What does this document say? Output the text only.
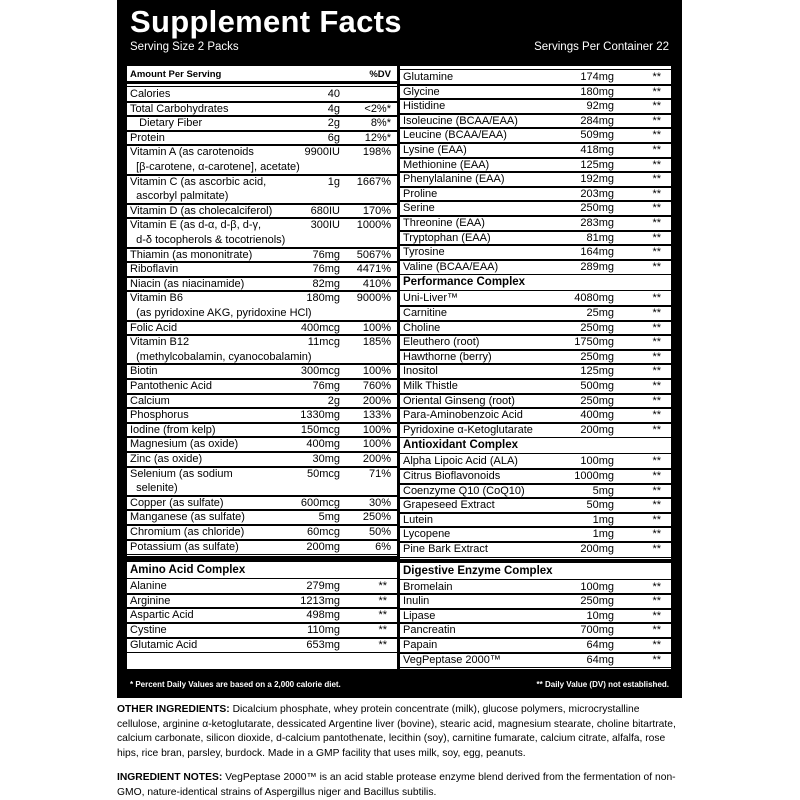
Supplement Facts
Serving Size 2 Packs	Servings Per Container 22
Amount Per Serving	%DV
Calories	40
Total Carbohydrates	4g <2%*
Dietary Fiber	2g	8%*
Protein	6g 12%*
Vitamin A (as carotenoids
[β-carotene, α-carotene], acetate)
9900IU 198%
Vitamin C (as ascorbic acid,
ascorbyl palmitate)
1g 1667%
Vitamin D (as cholecalciferol)	680IU 170%
Vitamin E (as d-α, d-β, d-γ,
d-δ tocopherols & tocotrienols)
300IU 1000%
Thiamin (as mononitrate)	76mg 5067%
Riboflavin	76mg 4471%
Niacin (as niacinamide)	82mg 410%
Vitamin B6
(as pyridoxine AKG, pyridoxine HCl)
180mg 9000%
Folic Acid	400mcg 100%
Vitamin B12
(methylcobalamin, cyanocobalamin)
11mcg 185%
Biotin	300mcg 100%
Pantothenic Acid	76mg 760%
Calcium	2g 200%
Phosphorus	1330mg 133%
Iodine (from kelp)	150mcg 100%
Magnesium (as oxide)	400mg 100%
Zinc (as oxide)	30mg 200%
Selenium (as sodium
selenite)
50mcg	71%
Copper (as sulfate)	600mcg	30%
Manganese (as sulfate)	5mg 250%
Chromium (as chloride)	60mcg	50%
Potassium (as sulfate)	200mg	6%
Amino Acid Complex
Alanine	279mg	**
Arginine	1213mg	**
Aspartic Acid	498mg	**
Cystine	110mg	**
Glutamic Acid	653mg	**
Glutamine	174mg	**
Glycine	180mg	**
Histidine	92mg	**
Isoleucine (BCAA/EAA)	284mg	**
Leucine (BCAA/EAA)	509mg	**
Lysine (EAA)	418mg	**
Methionine (EAA)	125mg	**
Phenylalanine (EAA)	192mg	**
Proline	203mg	**
Serine	250mg	**
Threonine (EAA)	283mg	**
Tryptophan (EAA)	81mg	**
Tyrosine	164mg	**
Valine (BCAA/EAA)	289mg	**
Performance Complex
Uni-Liver™	4080mg	**
Carnitine	25mg	**
Choline	250mg	**
Eleuthero (root)	1750mg	**
Hawthorne (berry)	250mg	**
Inositol	125mg	**
Milk Thistle	500mg	**
Oriental Ginseng (root)	250mg	**
Para-Aminobenzoic Acid	400mg	**
Pyridoxine α-Ketoglutarate	200mg	**
Antioxidant Complex
Alpha Lipoic Acid (ALA)	100mg	**
Citrus Bioflavonoids	1000mg	**
Coenzyme Q10 (CoQ10)	5mg	**
Grapeseed Extract	50mg	**
Lutein	1mg	**
Lycopene	1mg	**
Pine Bark Extract	200mg	**
Digestive Enzyme Complex
Bromelain	100mg	**
Inulin	250mg	**
Lipase	10mg	**
Pancreatin	700mg	**
Papain	64mg	**
VegPeptase 2000™	64mg	**
* Percent Daily Values are based on a 2,000 calorie diet.	** Daily Value (DV) not established.
OTHER INGREDIENTS: Dicalcium phosphate, whey protein concentrate (milk), glucose polymers, microcrystalline cellulose, arginine α-ketoglutarate, dessicated Argentine liver (bovine), stearic acid, magnesium stearate, choline bitartrate, calcium carbonate, silicon dioxide, d-calcium pantothenate, lecithin (soy), carnitine fumarate, calcium citrate, alfalfa, rose hips, rice bran, parsley, burdock. Made in a GMP facility that uses milk, soy, egg, peanuts.
INGREDIENT NOTES: VegPeptase 2000™ is an acid stable protease enzyme blend derived from the fermentation of non-GMO, nature-identical strains of Aspergillus niger and Bacillus subtilis.
